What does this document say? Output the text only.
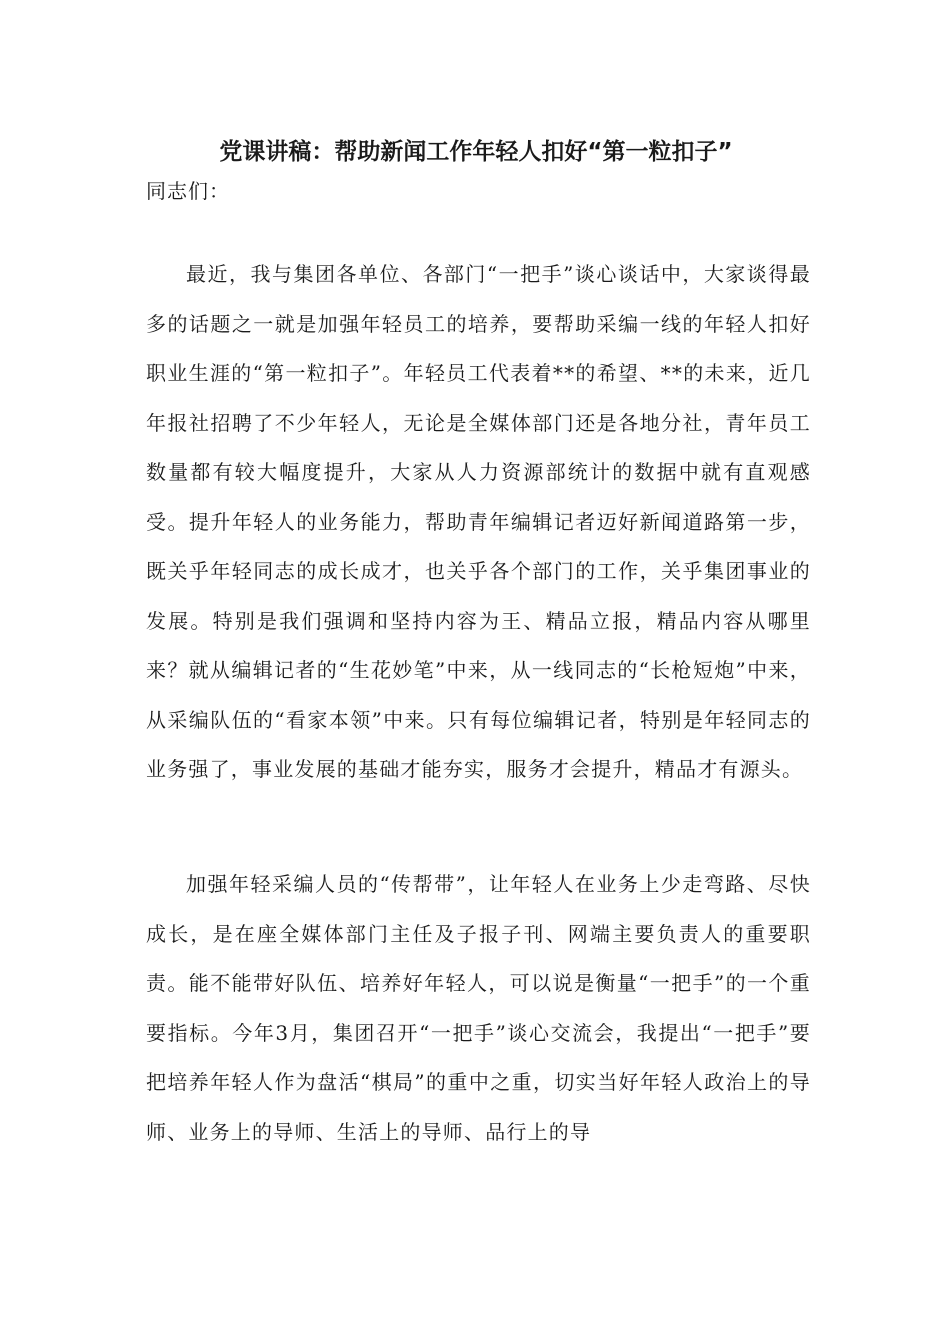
党课讲稿：帮助新闻工作年轻人扣好“第一粒扣子”
同志们：

最近，我与集团各单位、各部门“一把手”谈心谈话中，大家谈得最多的话题之一就是加强年轻员工的培养，要帮助采编一线的年轻人扣好职业生涯的“第一粒扣子”。年轻员工代表着**的希望、**的未来，近几年报社招聘了不少年轻人，无论是全媒体部门还是各地分社，青年员工数量都有较大幅度提升，大家从人力资源部统计的数据中就有直观感受。提升年轻人的业务能力，帮助青年编辑记者迈好新闻道路第一步，既关乎年轻同志的成长成才，也关乎各个部门的工作，关乎集团事业的发展。特别是我们强调和坚持内容为王、精品立报，精品内容从哪里来？就从编辑记者的“生花妙笔”中来，从一线同志的“长枪短炮”中来，从采编队伍的“看家本领”中来。只有每位编辑记者，特别是年轻同志的业务强了，事业发展的基础才能夯实，服务才会提升，精品才有源头。

加强年轻采编人员的“传帮带”，让年轻人在业务上少走弯路、尽快成长，是在座全媒体部门主任及子报子刊、网端主要负责人的重要职责。能不能带好队伍、培养好年轻人，可以说是衡量“一把手”的一个重要指标。今年3月，集团召开“一把手”谈心交流会，我提出“一把手”要把培养年轻人作为盘活“棋局”的重中之重，切实当好年轻人政治上的导师、业务上的导师、生活上的导师、品行上的导
